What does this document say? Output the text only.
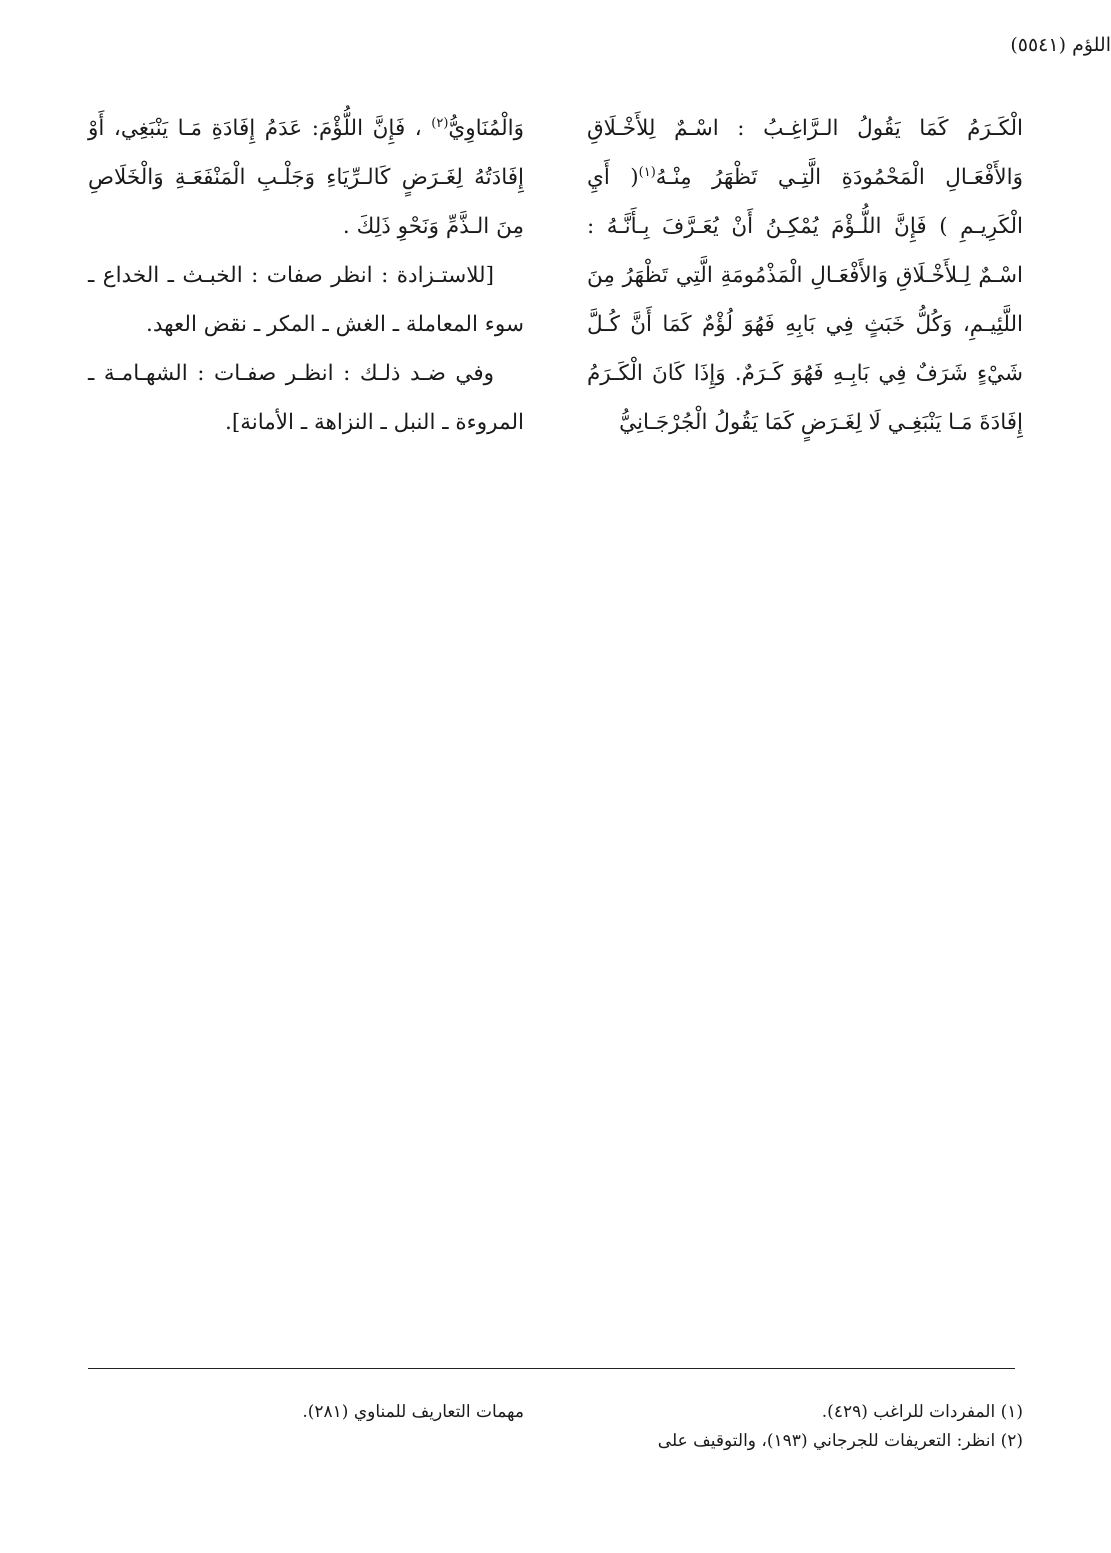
اللؤم (٥٥٤١)

الْكَـرَمُ كَمَا يَقُولُ الـرَّاغِـبُ : اسْـمٌ لِلأَخْـلَاقِ وَالأَفْعَـالِ الْمَحْمُودَةِ الَّتِـي تَظْهَرُ مِنْـهُ$^{(١)}$( أَيِ الْكَرِيـمِ ) فَإِنَّ اللُّـؤْمَ يُمْكِـنُ أَنْ يُعَـرَّفَ بِـأَنَّـهُ : اسْـمٌ لِـلأَخْـلَاقِ وَالأَفْعَـالِ الْمَذْمُومَةِ الَّتِي تَظْهَرُ مِنَ اللَّئِيـمِ، وَكُلُّ خَبَثٍ فِي بَابِهِ فَهُوَ لُؤْمٌ كَمَا أَنَّ كُـلَّ شَيْءٍ شَرَفٌ فِي بَابِـهِ فَهُوَ كَـرَمٌ. وَإِذَا كَانَ الْكَـرَمُ إِفَادَةَ مَـا يَنْبَغِـي لَا لِغَـرَضٍ كَمَا يَقُولُ الْجُرْجَـانِيُّ

وَالْمُنَاوِيُّ$^{(٢)}$ ، فَإِنَّ اللُّؤْمَ: عَدَمُ إِفَادَةِ مَـا يَنْبَغِي، أَوْ إِفَادَتُهُ لِغَـرَضٍ كَالـرِّيَاءِ وَجَلْـبِ الْمَنْفَعَـةِ وَالْخَلَاصِ مِنَ الـذَّمِّ وَنَحْوِ ذَلِكَ .

[للاستـزادة : انظر صفات : الخبـث ـ الخداع ـ سوء المعاملة ـ الغش ـ المكر ـ نقض العهد.

وفي ضـد ذلـك : انظـر صفـات : الشهـامـة ـ المروءة ـ النبل ـ النزاهة ـ الأمانة].

(١) المفردات للراغب (٤٢٩).

(٢) انظر: التعريفات للجرجاني (١٩٣)، والتوقيف على

مهمات التعاريف للمناوي (٢٨١).
